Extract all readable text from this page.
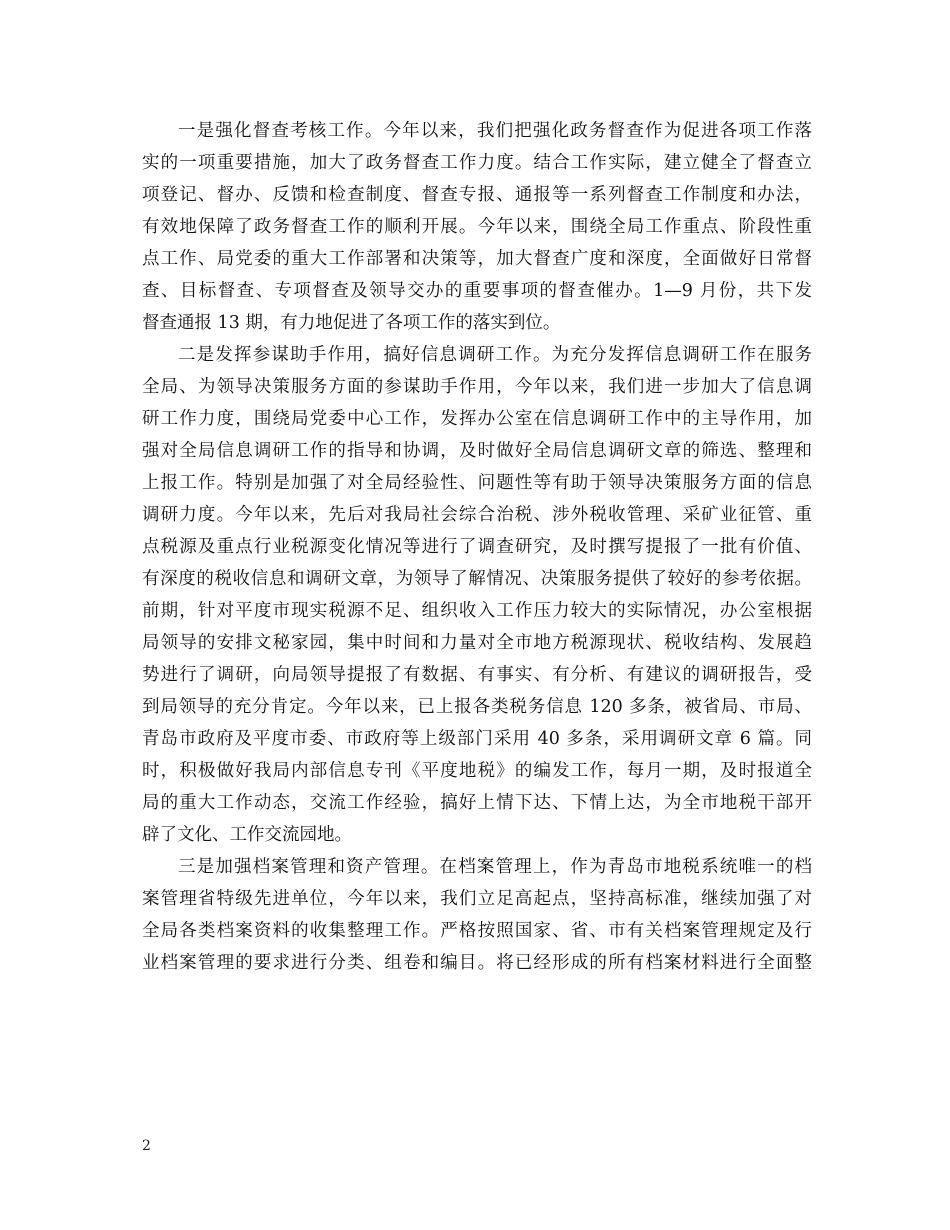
一是强化督查考核工作。今年以来，我们把强化政务督查作为促进各项工作落
实的一项重要措施，加大了政务督查工作力度。结合工作实际，建立健全了督查立
项登记、督办、反馈和检查制度、督查专报、通报等一系列督查工作制度和办法，
有效地保障了政务督查工作的顺利开展。今年以来，围绕全局工作重点、阶段性重
点工作、局党委的重大工作部署和决策等，加大督查广度和深度，全面做好日常督
查、目标督查、专项督查及领导交办的重要事项的督查催办。1—9 月份，共下发
督查通报 13 期，有力地促进了各项工作的落实到位。
二是发挥参谋助手作用，搞好信息调研工作。为充分发挥信息调研工作在服务
全局、为领导决策服务方面的参谋助手作用，今年以来，我们进一步加大了信息调
研工作力度，围绕局党委中心工作，发挥办公室在信息调研工作中的主导作用，加
强对全局信息调研工作的指导和协调，及时做好全局信息调研文章的筛选、整理和
上报工作。特别是加强了对全局经验性、问题性等有助于领导决策服务方面的信息
调研力度。今年以来，先后对我局社会综合治税、涉外税收管理、采矿业征管、重
点税源及重点行业税源变化情况等进行了调查研究，及时撰写提报了一批有价值、
有深度的税收信息和调研文章，为领导了解情况、决策服务提供了较好的参考依据。
前期，针对平度市现实税源不足、组织收入工作压力较大的实际情况，办公室根据
局领导的安排文秘家园，集中时间和力量对全市地方税源现状、税收结构、发展趋
势进行了调研，向局领导提报了有数据、有事实、有分析、有建议的调研报告，受
到局领导的充分肯定。今年以来，已上报各类税务信息 120 多条，被省局、市局、
青岛市政府及平度市委、市政府等上级部门采用 40 多条，采用调研文章 6 篇。同
时，积极做好我局内部信息专刊《平度地税》的编发工作，每月一期，及时报道全
局的重大工作动态，交流工作经验，搞好上情下达、下情上达，为全市地税干部开
辟了文化、工作交流园地。
三是加强档案管理和资产管理。在档案管理上，作为青岛市地税系统唯一的档
案管理省特级先进单位，今年以来，我们立足高起点，坚持高标准，继续加强了对
全局各类档案资料的收集整理工作。严格按照国家、省、市有关档案管理规定及行
业档案管理的要求进行分类、组卷和编目。将已经形成的所有档案材料进行全面整
2
